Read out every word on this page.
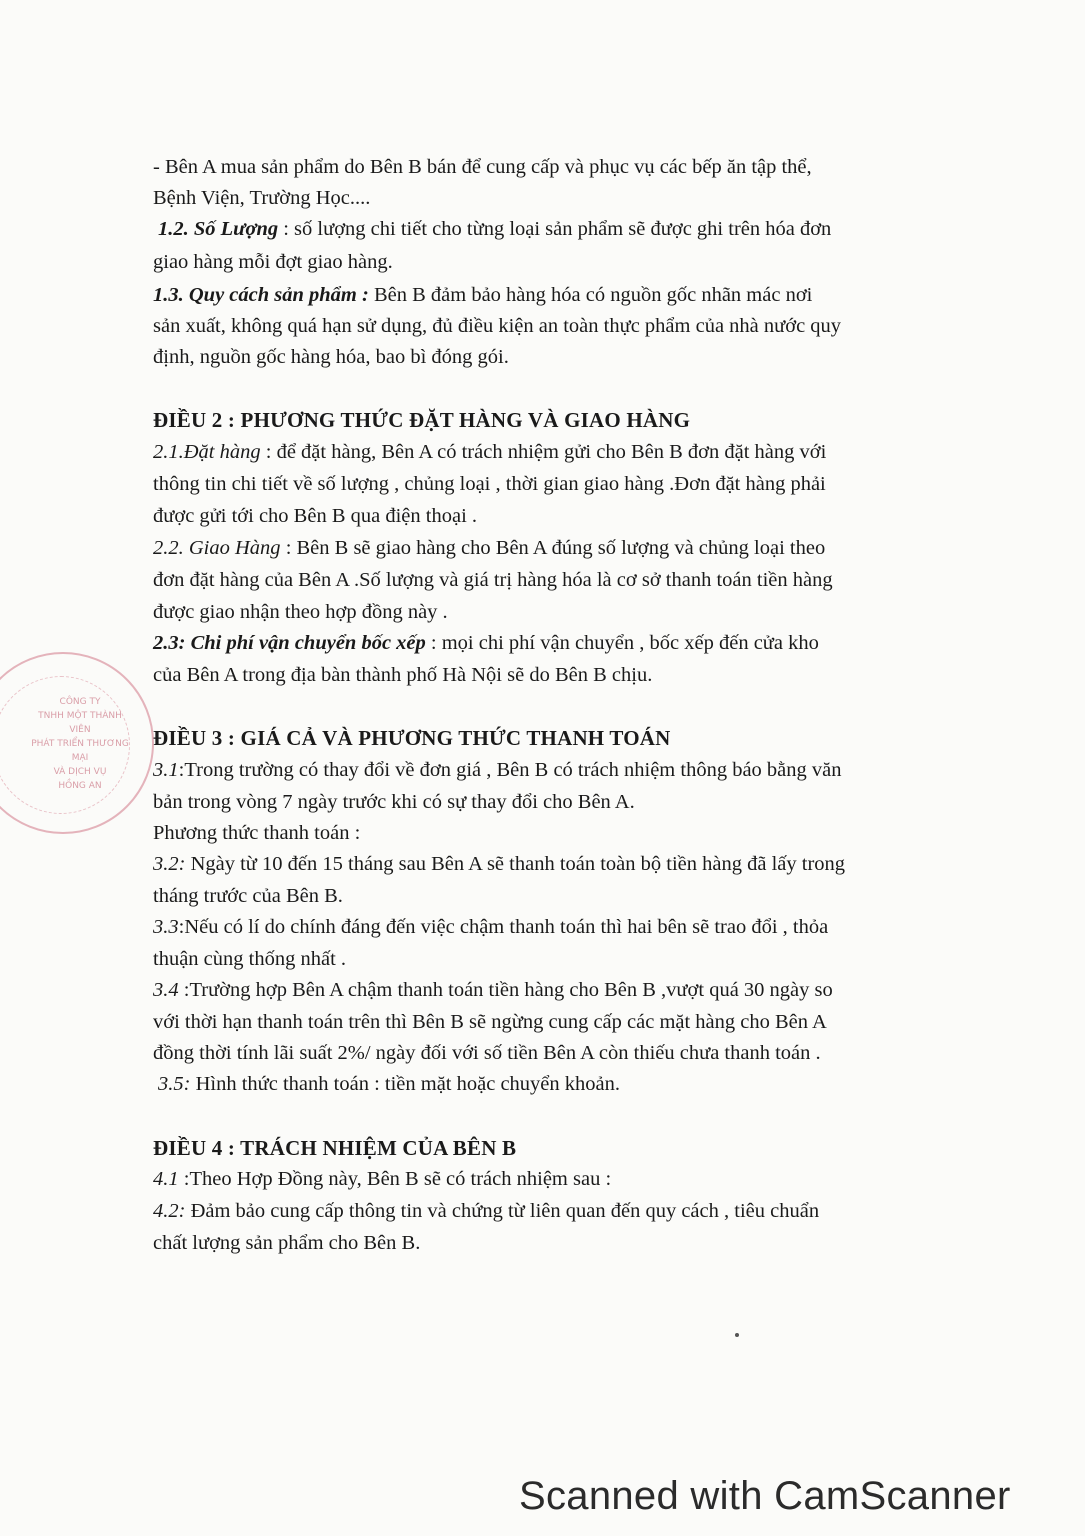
CÔNG TY
TNHH MỘT THÀNH VIÊN
PHÁT TRIỂN THƯƠNG MẠI
VÀ DỊCH VỤ
HỒNG AN
- Bên A mua sản phẩm do Bên B bán để cung cấp và phục vụ các bếp ăn tập thể,
Bệnh Viện, Trường Học....
1.2. Số Lượng : số lượng chi tiết cho từng loại sản phẩm sẽ được ghi trên hóa đơn
giao hàng mỗi đợt giao hàng.
1.3. Quy cách sản phẩm : Bên B đảm bảo hàng hóa có nguồn gốc nhãn mác nơi
sản xuất, không quá hạn sử dụng, đủ điều kiện an toàn thực phẩm của nhà nước quy
định, nguồn gốc hàng hóa, bao bì đóng gói.
ĐIỀU 2 : PHƯƠNG THỨC ĐẶT HÀNG VÀ GIAO HÀNG
2.1.Đặt hàng : để đặt hàng, Bên A có trách nhiệm gửi cho Bên B đơn đặt hàng với
thông tin chi tiết về số lượng , chủng loại , thời gian giao hàng .Đơn đặt hàng phải
được gửi tới cho Bên B qua điện thoại .
2.2. Giao Hàng : Bên B sẽ giao hàng cho Bên A đúng số lượng và chủng loại theo
đơn đặt hàng của Bên A .Số lượng và giá trị hàng hóa là cơ sở thanh toán tiền hàng
được giao nhận theo hợp đồng này .
2.3: Chi phí vận chuyển bốc xếp : mọi chi phí vận chuyển , bốc xếp đến cửa kho
của Bên A trong địa bàn thành phố Hà Nội sẽ do Bên B chịu.
ĐIỀU 3 : GIÁ CẢ VÀ PHƯƠNG THỨC THANH TOÁN
3.1:Trong trường có thay đổi về đơn giá , Bên B có trách nhiệm thông báo bằng văn
bản trong vòng 7 ngày trước khi có sự thay đổi cho Bên A.
Phương thức thanh toán :
3.2: Ngày từ 10 đến 15 tháng sau Bên A sẽ thanh toán toàn bộ tiền hàng đã lấy trong
tháng trước của Bên B.
3.3:Nếu có lí do chính đáng đến việc chậm thanh toán thì hai bên sẽ trao đổi , thỏa
thuận cùng thống nhất .
3.4 :Trường hợp Bên A chậm thanh toán tiền hàng cho Bên B ,vượt quá 30 ngày so
với thời hạn thanh toán trên thì Bên B sẽ ngừng cung cấp các mặt hàng cho Bên A
đồng thời tính lãi suất 2%/ ngày đối với số tiền Bên A còn thiếu chưa thanh toán .
3.5: Hình thức thanh toán : tiền mặt hoặc chuyển khoản.
ĐIỀU 4 : TRÁCH NHIỆM CỦA BÊN B
4.1 :Theo Hợp Đồng này, Bên B sẽ có trách nhiệm sau :
4.2: Đảm bảo cung cấp thông tin và chứng từ liên quan đến quy cách , tiêu chuẩn
chất lượng sản phẩm cho Bên B.
Scanned with CamScanner
